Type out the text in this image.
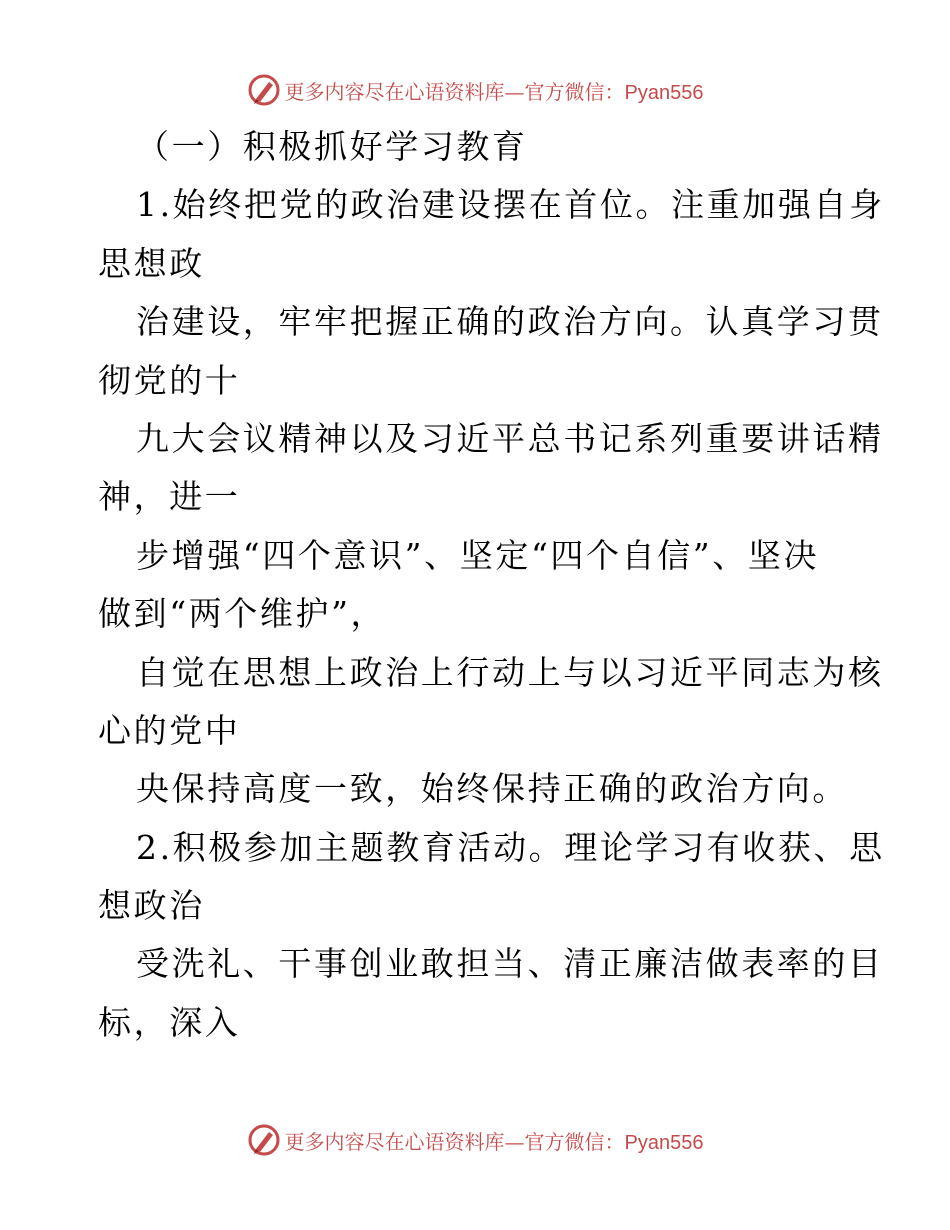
更多内容尽在心语资料库—官方微信：Pyan556
（一）积极抓好学习教育
1.始终把党的政治建设摆在首位。注重加强自身
思想政
治建设，牢牢把握正确的政治方向。认真学习贯
彻党的十
九大会议精神以及习近平总书记系列重要讲话精
神，进一
步增强“四个意识”、坚定“四个自信”、坚决
做到“两个维护”，
自觉在思想上政治上行动上与以习近平同志为核
心的党中
央保持高度一致，始终保持正确的政治方向。
2.积极参加主题教育活动。理论学习有收获、思
想政治
受洗礼、干事创业敢担当、清正廉洁做表率的目
标，深入
更多内容尽在心语资料库—官方微信：Pyan556
